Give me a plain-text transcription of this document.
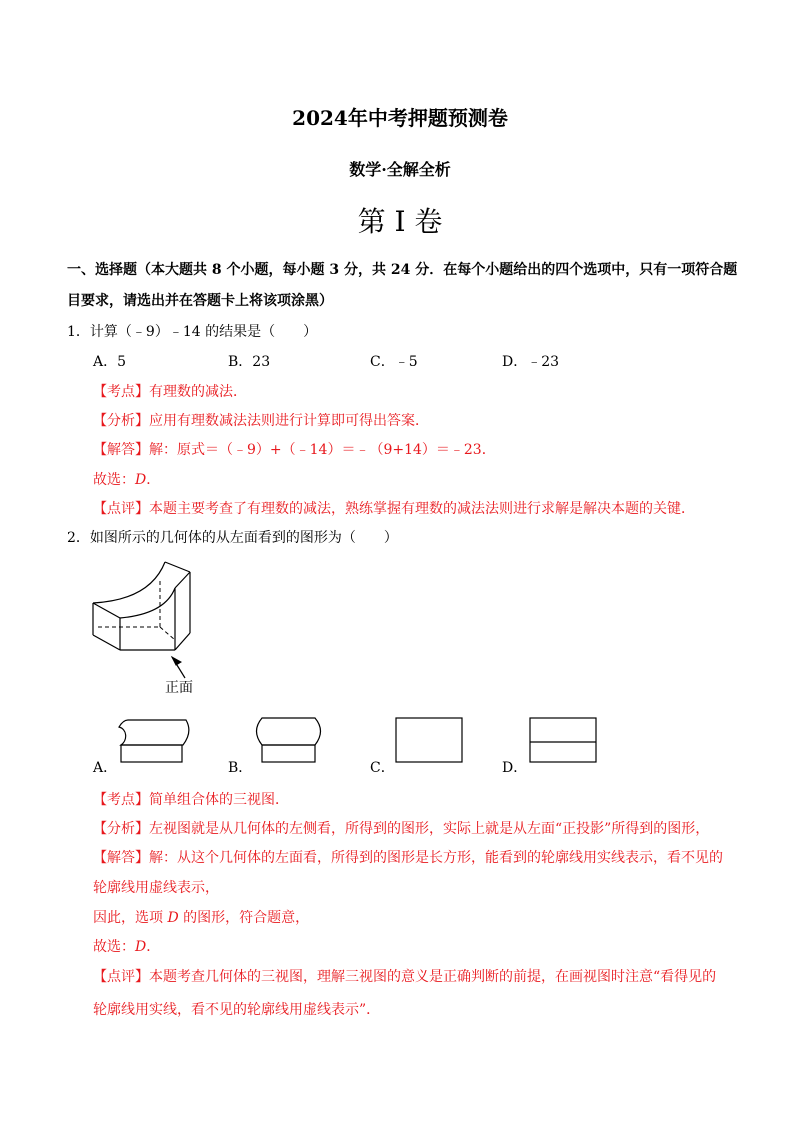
2024年中考押题预测卷
数学·全解全析
第 I 卷
一、选择题（本大题共 8 个小题，每小题 3 分，共 24 分．在每个小题给出的四个选项中，只有一项符合题
目要求，请选出并在答题卡上将该项涂黑）
1．计算（﹣9）﹣14 的结果是（　　）
A．5	B．23	C．﹣5	D．﹣23
【考点】有理数的减法．
【分析】应用有理数减法法则进行计算即可得出答案．
【解答】解：原式＝（﹣9）+（﹣14）＝﹣（9+14）＝﹣23．
故选：D．
【点评】本题主要考查了有理数的减法，熟练掌握有理数的减法法则进行求解是解决本题的关键．
2．如图所示的几何体的从左面看到的图形为（　　）
正面
A．	B．	C．	D．
【考点】简单组合体的三视图．
【分析】左视图就是从几何体的左侧看，所得到的图形，实际上就是从左面“正投影”所得到的图形，
【解答】解：从这个几何体的左面看，所得到的图形是长方形，能看到的轮廓线用实线表示，看不见的
轮廓线用虚线表示，
因此，选项 D 的图形，符合题意，
故选：D．
【点评】本题考查几何体的三视图，理解三视图的意义是正确判断的前提，在画视图时注意“看得见的
轮廓线用实线，看不见的轮廓线用虚线表示”．
